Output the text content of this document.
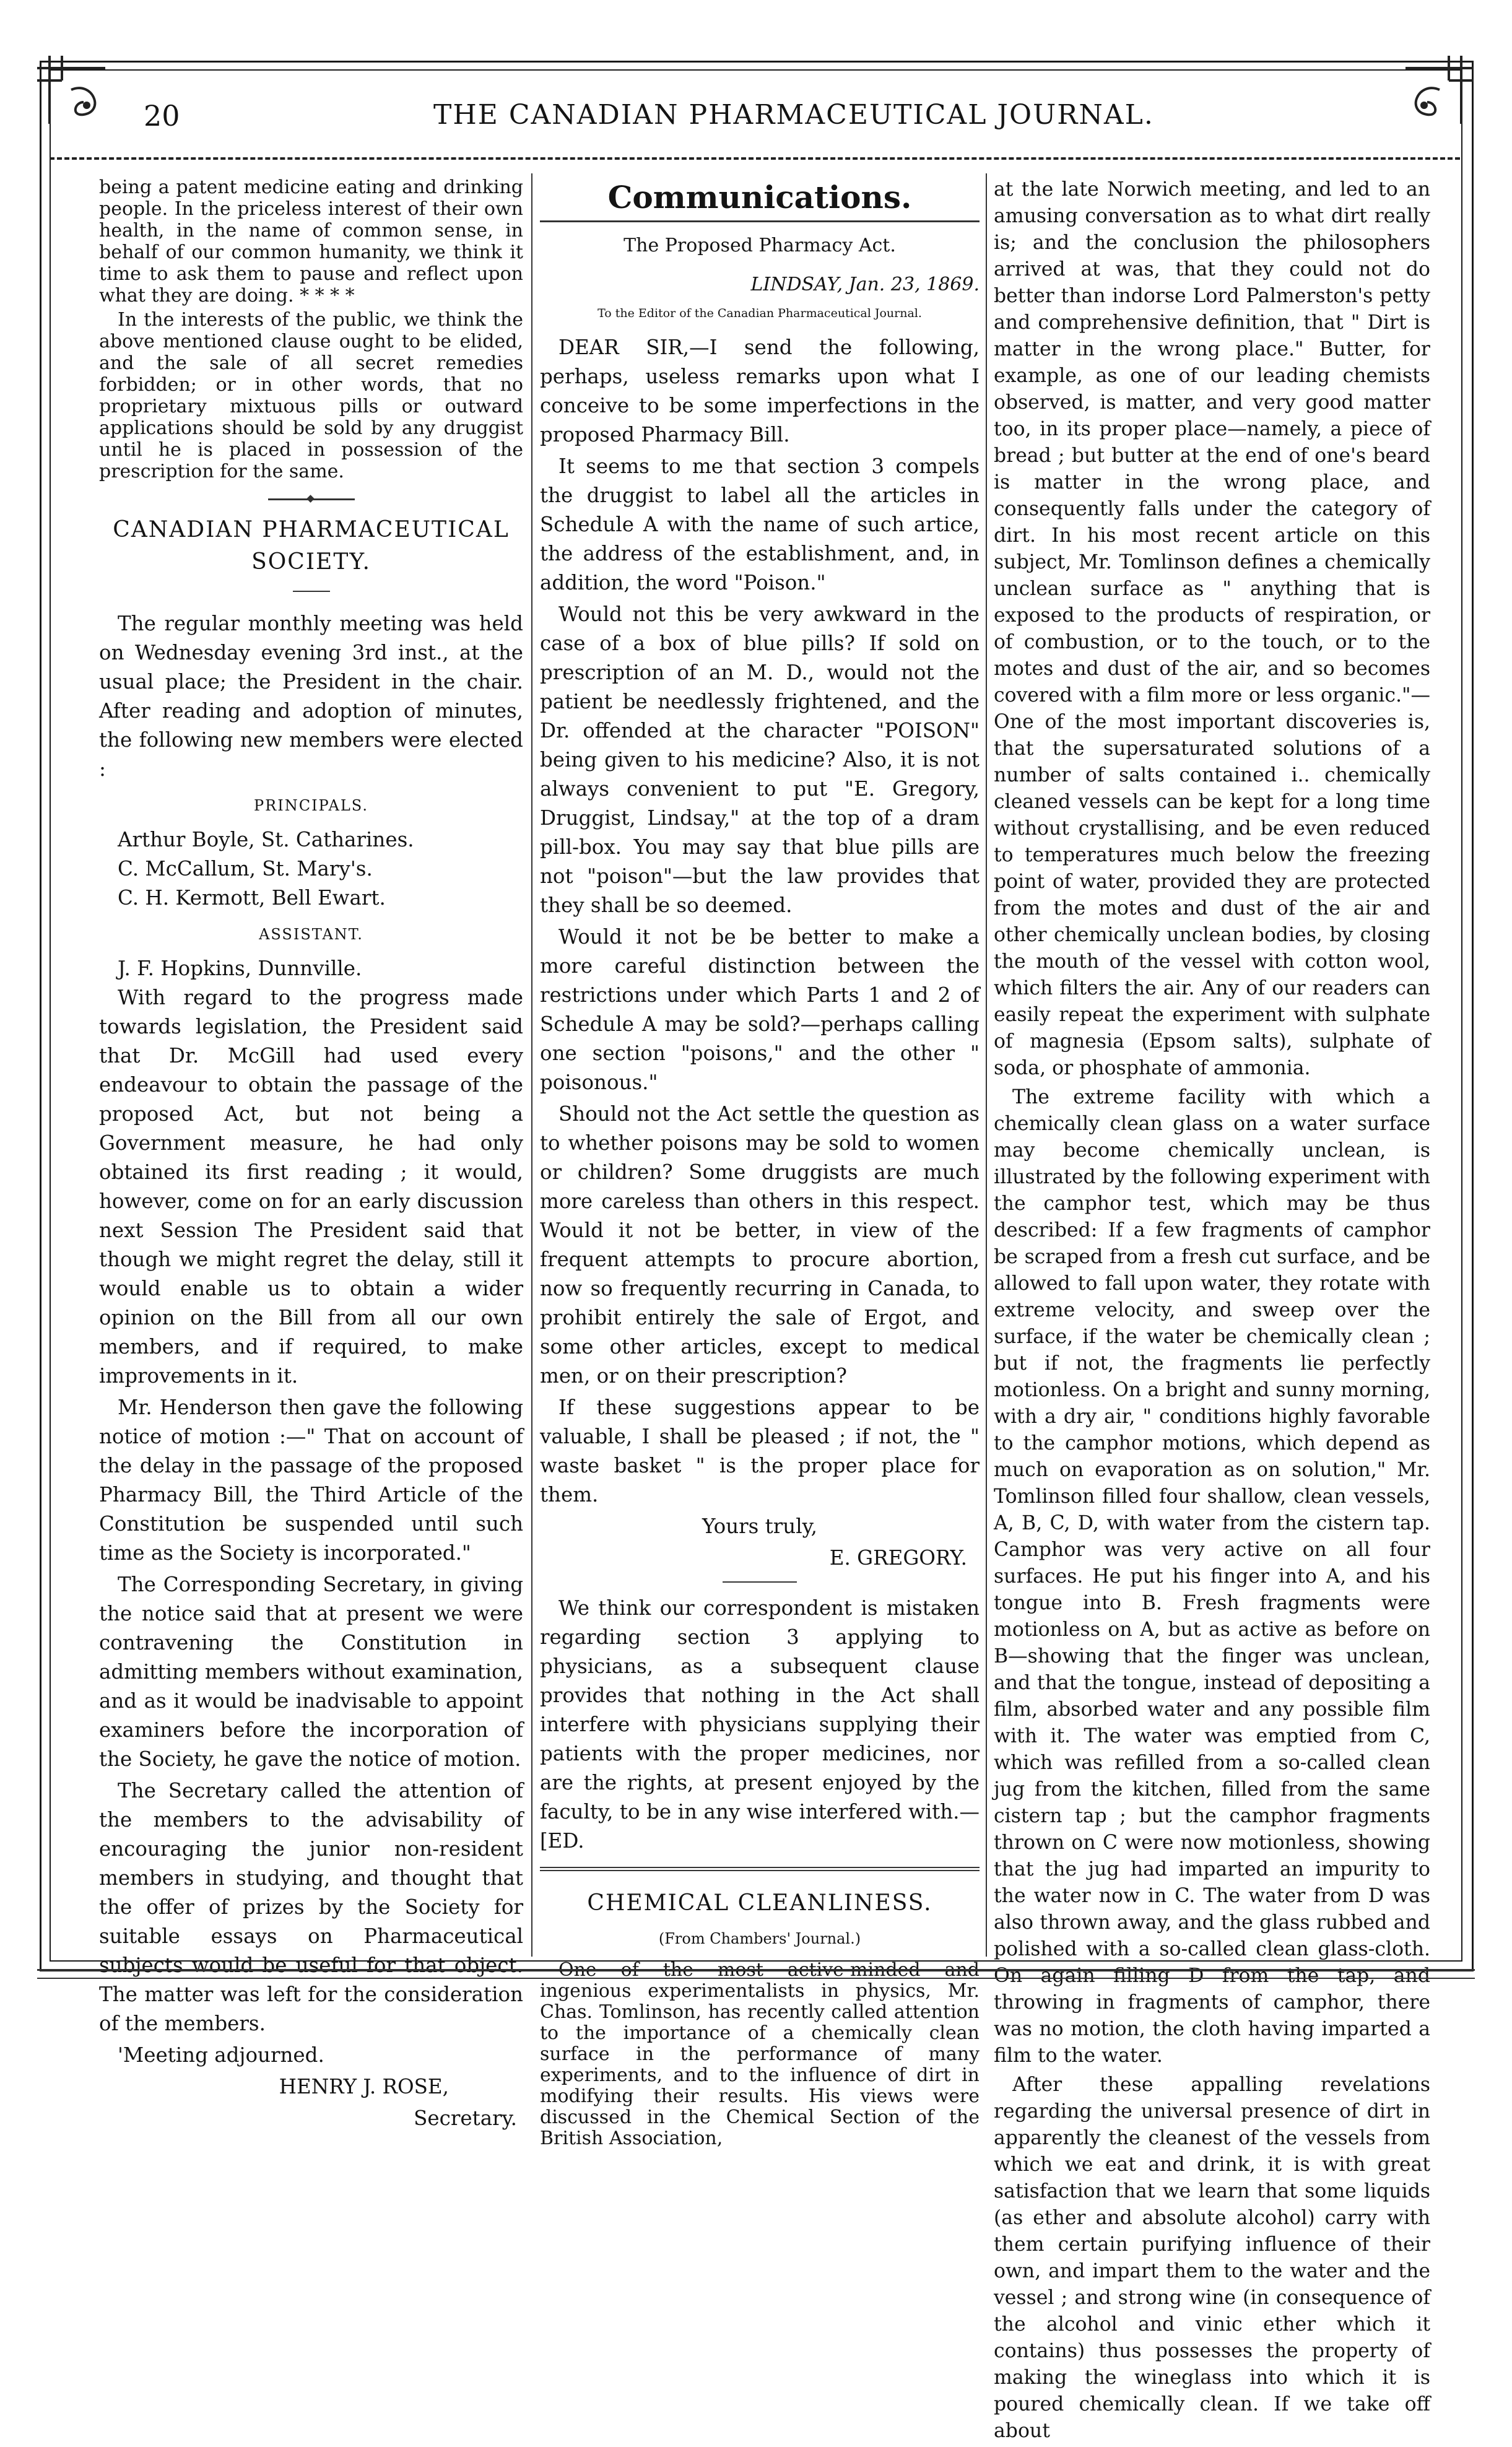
20	THE CANADIAN PHARMACEUTICAL JOURNAL.

being a patent medicine eating and drinking people. In the priceless interest of their own health, in the name of common sense, in behalf of our common humanity, we think it time to ask them to pause and reflect upon what they are doing. * * * *

In the interests of the public, we think the above mentioned clause ought to be elided, and the sale of all secret remedies forbidden; or in other words, that no proprietary mixtuous pills or outward applications should be sold by any druggist until he is placed in possession of the prescription for the same.

CANADIAN PHARMACEUTICAL SOCIETY.

The regular monthly meeting was held on Wednesday evening 3rd inst., at the usual place; the President in the chair. After reading and adoption of minutes, the following new members were elected :

PRINCIPALS.

Arthur Boyle, St. Catharines.

C. McCallum, St. Mary's.

C. H. Kermott, Bell Ewart.

ASSISTANT.

J. F. Hopkins, Dunnville.

With regard to the progress made towards legislation, the President said that Dr. McGill had used every endeavour to obtain the passage of the proposed Act, but not being a Government measure, he had only obtained its first reading ; it would, however, come on for an early discussion next Session The President said that though we might regret the delay, still it would enable us to obtain a wider opinion on the Bill from all our own members, and if required, to make improvements in it.

Mr. Henderson then gave the following notice of motion :—" That on account of the delay in the passage of the proposed Pharmacy Bill, the Third Article of the Constitution be suspended until such time as the Society is incorporated."

The Corresponding Secretary, in giving the notice said that at present we were contravening the Constitution in admitting members without examination, and as it would be inadvisable to appoint examiners before the incorporation of the Society, he gave the notice of motion.

The Secretary called the attention of the members to the advisability of encouraging the junior non-resident members in studying, and thought that the offer of prizes by the Society for suitable essays on Pharmaceutical subjects would be useful for that object. The matter was left for the consideration of the members.

'Meeting adjourned.

HENRY J. ROSE,

Secretary.

Communications.
The Proposed Pharmacy Act.

LINDSAY, Jan. 23, 1869.

To the Editor of the Canadian Pharmaceutical Journal.

DEAR SIR,—I send the following, perhaps, useless remarks upon what I conceive to be some imperfections in the proposed Pharmacy Bill.

It seems to me that section 3 compels the druggist to label all the articles in Schedule A with the name of such artice, the address of the establishment, and, in addition, the word "Poison."

Would not this be very awkward in the case of a box of blue pills? If sold on prescription of an M. D., would not the patient be needlessly frightened, and the Dr. offended at the character "POISON" being given to his medicine? Also, it is not always convenient to put "E. Gregory, Druggist, Lindsay," at the top of a dram pill-box. You may say that blue pills are not "poison"—but the law provides that they shall be so deemed.

Would it not be be better to make a more careful distinction between the restrictions under which Parts 1 and 2 of Schedule A may be sold?—perhaps calling one section "poisons," and the other " poisonous."

Should not the Act settle the question as to whether poisons may be sold to women or children? Some druggists are much more careless than others in this respect. Would it not be better, in view of the frequent attempts to procure abortion, now so frequently recurring in Canada, to prohibit entirely the sale of Ergot, and some other articles, except to medical men, or on their prescription?

If these suggestions appear to be valuable, I shall be pleased ; if not, the " waste basket " is the proper place for them.

Yours truly,

E. GREGORY.

We think our correspondent is mistaken regarding section 3 applying to physicians, as a subsequent clause provides that nothing in the Act shall interfere with physicians supplying their patients with the proper medicines, nor are the rights, at present enjoyed by the faculty, to be in any wise interfered with.—[ED.

CHEMICAL CLEANLINESS.

(From Chambers' Journal.)

One of the most active-minded and ingenious experimentalists in physics, Mr. Chas. Tomlinson, has recently called attention to the importance of a chemically clean surface in the performance of many experiments, and to the influence of dirt in modifying their results. His views were discussed in the Chemical Section of the British Association,

at the late Norwich meeting, and led to an amusing conversation as to what dirt really is; and the conclusion the philosophers arrived at was, that they could not do better than indorse Lord Palmerston's petty and comprehensive definition, that " Dirt is matter in the wrong place." Butter, for example, as one of our leading chemists observed, is matter, and very good matter too, in its proper place—namely, a piece of bread ; but butter at the end of one's beard is matter in the wrong place, and consequently falls under the category of dirt. In his most recent article on this subject, Mr. Tomlinson defines a chemically unclean surface as " anything that is exposed to the products of respiration, or of combustion, or to the touch, or to the motes and dust of the air, and so becomes covered with a film more or less organic."—One of the most important discoveries is, that the supersaturated solutions of a number of salts contained i.. chemically cleaned vessels can be kept for a long time without crystallising, and be even reduced to temperatures much below the freezing point of water, provided they are protected from the motes and dust of the air and other chemically unclean bodies, by closing the mouth of the vessel with cotton wool, which filters the air. Any of our readers can easily repeat the experiment with sulphate of magnesia (Epsom salts), sulphate of soda, or phosphate of ammonia.

The extreme facility with which a chemically clean glass on a water surface may become chemically unclean, is illustrated by the following experiment with the camphor test, which may be thus described: If a few fragments of camphor be scraped from a fresh cut surface, and be allowed to fall upon water, they rotate with extreme velocity, and sweep over the surface, if the water be chemically clean ; but if not, the fragments lie perfectly motionless. On a bright and sunny morning, with a dry air, " conditions highly favorable to the camphor motions, which depend as much on evaporation as on solution," Mr. Tomlinson filled four shallow, clean vessels, A, B, C, D, with water from the cistern tap. Camphor was very active on all four surfaces. He put his finger into A, and his tongue into B. Fresh fragments were motionless on A, but as active as before on B—showing that the finger was unclean, and that the tongue, instead of depositing a film, absorbed water and any possible film with it. The water was emptied from C, which was refilled from a so-called clean jug from the kitchen, filled from the same cistern tap ; but the camphor fragments thrown on C were now motionless, showing that the jug had imparted an impurity to the water now in C. The water from D was also thrown away, and the glass rubbed and polished with a so-called clean glass-cloth. On again filling D from the tap, and throwing in fragments of camphor, there was no motion, the cloth having imparted a film to the water.

After these appalling revelations regarding the universal presence of dirt in apparently the cleanest of the vessels from which we eat and drink, it is with great satisfaction that we learn that some liquids (as ether and absolute alcohol) carry with them certain purifying influence of their own, and impart them to the water and the vessel ; and strong wine (in consequence of the alcohol and vinic ether which it contains) thus possesses the property of making the wineglass into which it is poured chemically clean. If we take off about
